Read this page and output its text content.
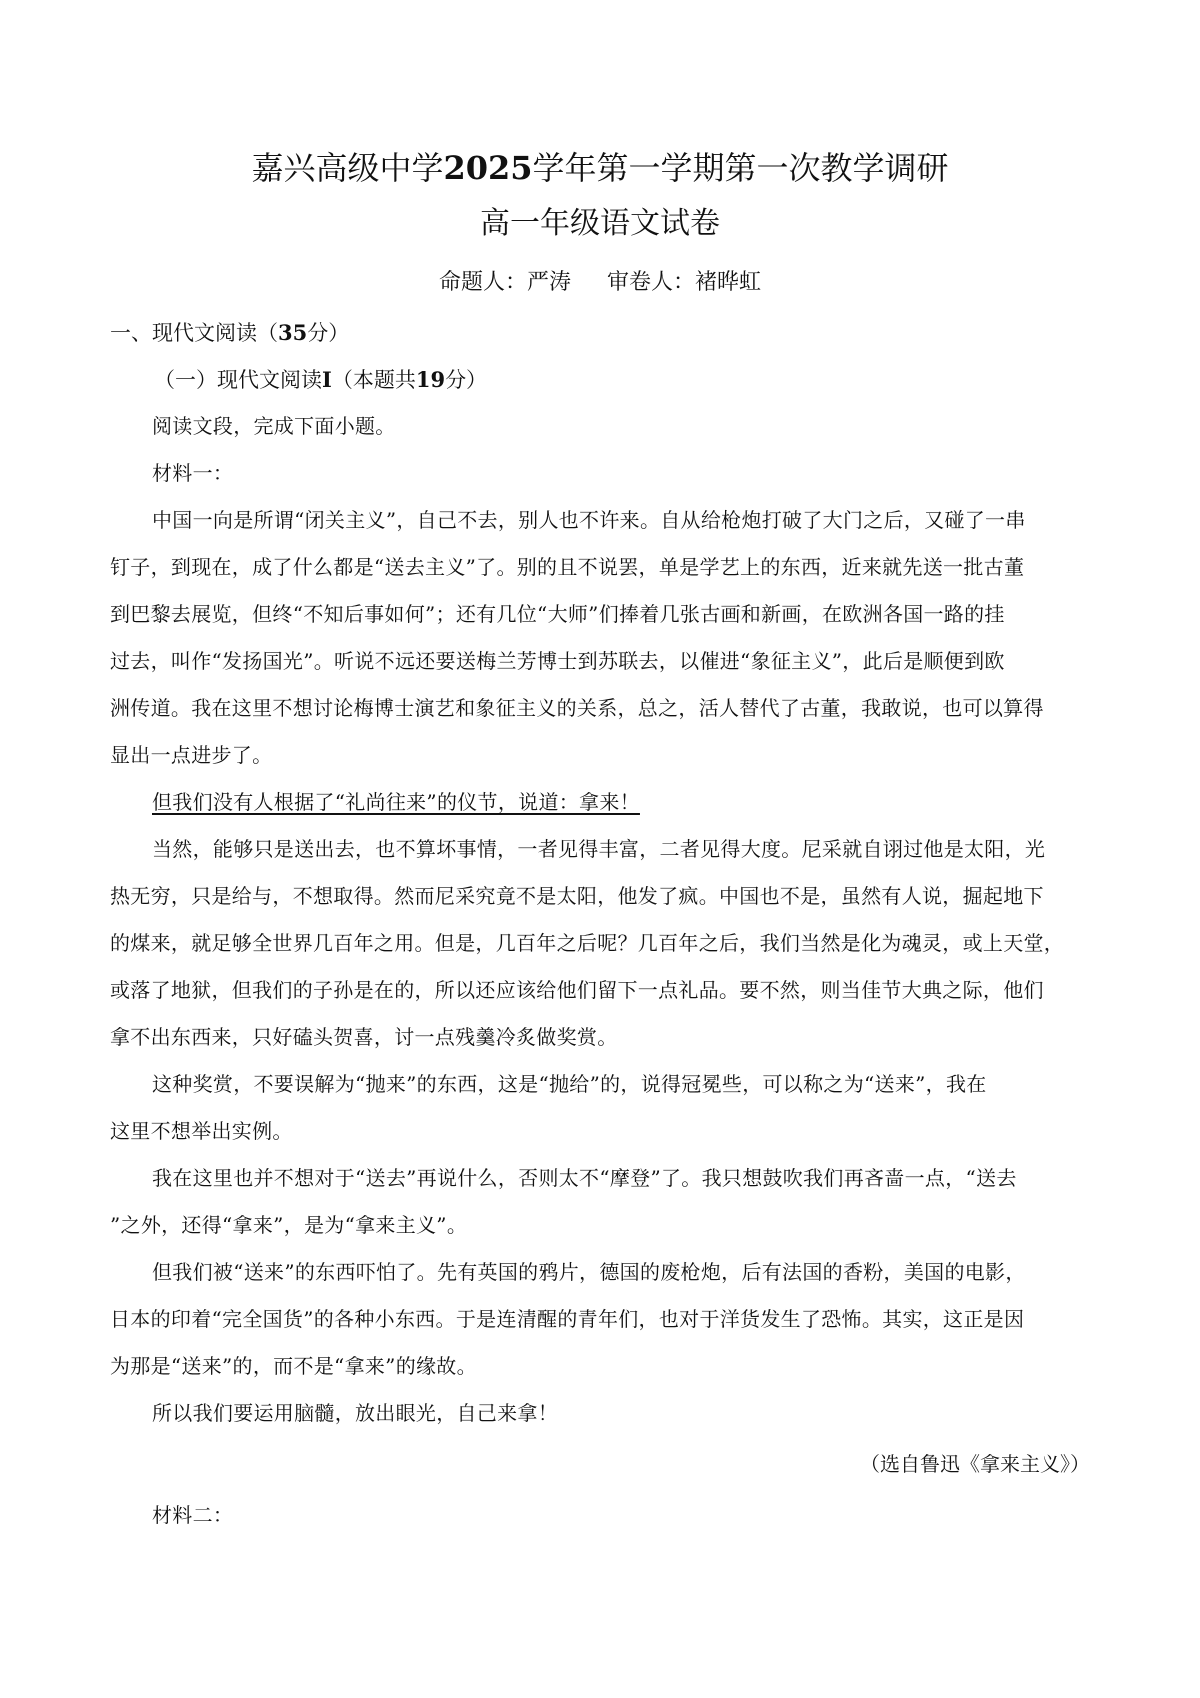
嘉兴高级中学2025学年第一学期第一次教学调研
高一年级语文试卷
命题人：严涛 审卷人：褚晔虹
一、现代文阅读（35分）
（一）现代文阅读I（本题共19分）
阅读文段，完成下面小题。
材料一：
中国一向是所谓“闭关主义”，自己不去，别人也不许来。自从给枪炮打破了大门之后，又碰了一串
钉子，到现在，成了什么都是“送去主义”了。别的且不说罢，单是学艺上的东西，近来就先送一批古董
到巴黎去展览，但终“不知后事如何”；还有几位“大师”们捧着几张古画和新画，在欧洲各国一路的挂
过去，叫作“发扬国光”。听说不远还要送梅兰芳博士到苏联去，以催进“象征主义”，此后是顺便到欧
洲传道。我在这里不想讨论梅博士演艺和象征主义的关系，总之，活人替代了古董，我敢说，也可以算得
显出一点进步了。
但我们没有人根据了“礼尚往来”的仪节，说道：拿来！
当然，能够只是送出去，也不算坏事情，一者见得丰富，二者见得大度。尼采就自诩过他是太阳，光
热无穷，只是给与，不想取得。然而尼采究竟不是太阳，他发了疯。中国也不是，虽然有人说，掘起地下
的煤来，就足够全世界几百年之用。但是，几百年之后呢？几百年之后，我们当然是化为魂灵，或上天堂，
或落了地狱，但我们的子孙是在的，所以还应该给他们留下一点礼品。要不然，则当佳节大典之际，他们
拿不出东西来，只好磕头贺喜，讨一点残羹冷炙做奖赏。
这种奖赏，不要误解为“抛来”的东西，这是“抛给”的，说得冠冕些，可以称之为“送来”，我在
这里不想举出实例。
我在这里也并不想对于“送去”再说什么，否则太不“摩登”了。我只想鼓吹我们再吝啬一点，“送去
”之外，还得“拿来”，是为“拿来主义”。
但我们被“送来”的东西吓怕了。先有英国的鸦片，德国的废枪炮，后有法国的香粉，美国的电影，
日本的印着“完全国货”的各种小东西。于是连清醒的青年们，也对于洋货发生了恐怖。其实，这正是因
为那是“送来”的，而不是“拿来”的缘故。
所以我们要运用脑髓，放出眼光，自己来拿！
（选自鲁迅《拿来主义》）
材料二：
